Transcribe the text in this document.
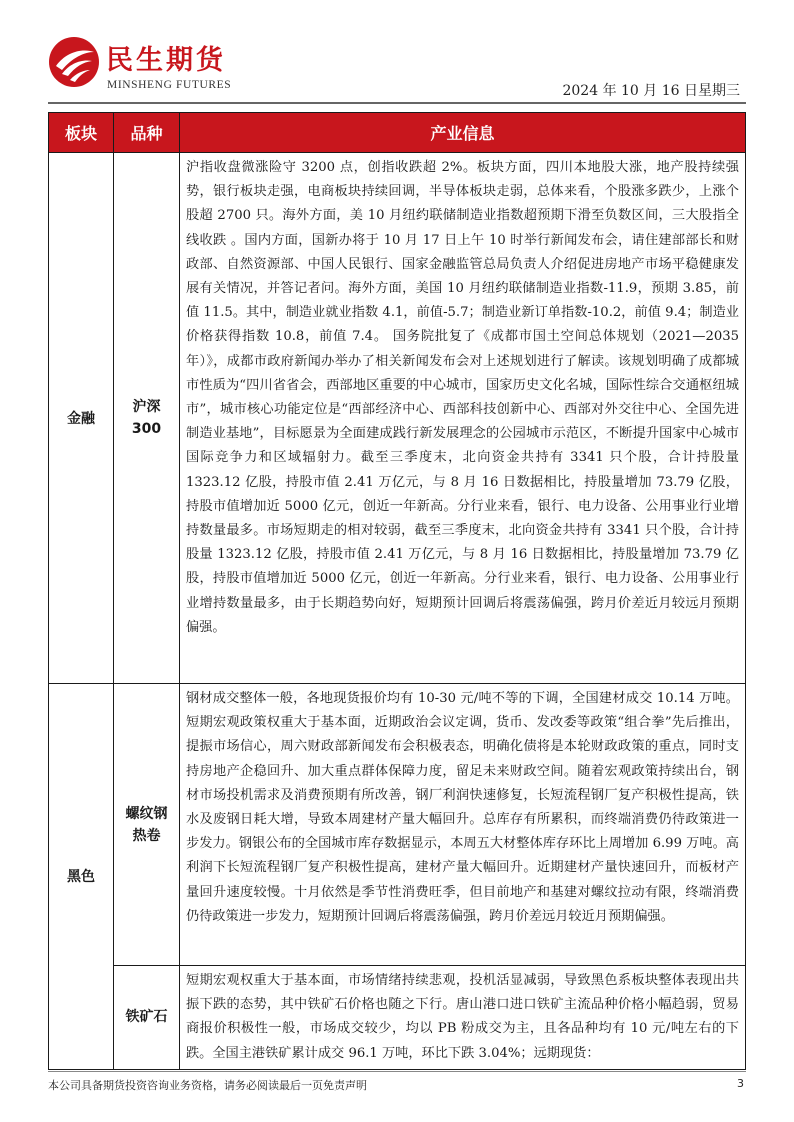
民生期货
MINSHENG FUTURES	2024 年 10 月 16 日星期三
板块	品种	产业信息
金融	沪深300	沪指收盘微涨险守 3200 点，创指收跌超 2%。板块方面，四川本地股大涨，地产股持续强势，银行板块走强，电商板块持续回调，半导体板块走弱，总体来看，个股涨多跌少，上涨个股超 2700 只。海外方面，美 10 月纽约联储制造业指数超预期下滑至负数区间，三大股指全线收跌 。国内方面，国新办将于 10 月 17 日上午 10 时举行新闻发布会，请住建部部长和财政部、自然资源部、中国人民银行、国家金融监管总局负责人介绍促进房地产市场平稳健康发展有关情况，并答记者问。海外方面，美国 10 月纽约联储制造业指数-11.9，预期 3.85，前值 11.5。其中，制造业就业指数 4.1，前值-5.7；制造业新订单指数-10.2，前值 9.4；制造业价格获得指数 10.8，前值 7.4。 国务院批复了《成都市国土空间总体规划（2021—2035 年）》，成都市政府新闻办举办了相关新闻发布会对上述规划进行了解读。该规划明确了成都城市性质为“四川省省会，西部地区重要的中心城市，国家历史文化名城，国际性综合交通枢纽城市”，城市核心功能定位是“西部经济中心、西部科技创新中心、西部对外交往中心、全国先进制造业基地”，目标愿景为全面建成践行新发展理念的公园城市示范区，不断提升国家中心城市国际竞争力和区域辐射力。截至三季度末，北向资金共持有 3341 只个股，合计持股量 1323.12 亿股，持股市值 2.41 万亿元，与 8 月 16 日数据相比，持股量增加 73.79 亿股，持股市值增加近 5000 亿元，创近一年新高。分行业来看，银行、电力设备、公用事业行业增持数量最多。市场短期走的相对较弱，截至三季度末，北向资金共持有 3341 只个股，合计持股量 1323.12 亿股，持股市值 2.41 万亿元，与 8 月 16 日数据相比，持股量增加 73.79 亿股，持股市值增加近 5000 亿元，创近一年新高。分行业来看，银行、电力设备、公用事业行业增持数量最多，由于长期趋势向好，短期预计回调后将震荡偏强，跨月价差近月较远月预期偏强。
黑色	螺纹钢热卷	钢材成交整体一般，各地现货报价均有 10-30 元/吨不等的下调，全国建材成交 10.14 万吨。短期宏观政策权重大于基本面，近期政治会议定调，货币、发改委等政策“组合拳”先后推出，提振市场信心，周六财政部新闻发布会积极表态，明确化债将是本轮财政政策的重点，同时支持房地产企稳回升、加大重点群体保障力度，留足未来财政空间。随着宏观政策持续出台，钢材市场投机需求及消费预期有所改善，钢厂利润快速修复，长短流程钢厂复产积极性提高，铁水及废钢日耗大增，导致本周建材产量大幅回升。总库存有所累积，而终端消费仍待政策进一步发力。钢银公布的全国城市库存数据显示，本周五大材整体库存环比上周增加 6.99 万吨。高利润下长短流程钢厂复产积极性提高，建材产量大幅回升。近期建材产量快速回升，而板材产量回升速度较慢。十月依然是季节性消费旺季，但目前地产和基建对螺纹拉动有限，终端消费仍待政策进一步发力，短期预计回调后将震荡偏强，跨月价差远月较近月预期偏强。
	铁矿石	短期宏观权重大于基本面，市场情绪持续悲观，投机活显减弱，导致黑色系板块整体表现出共振下跌的态势，其中铁矿石价格也随之下行。唐山港口进口铁矿主流品种价格小幅趋弱，贸易商报价积极性一般，市场成交较少，均以 PB 粉成交为主，且各品种均有 10 元/吨左右的下跌。全国主港铁矿累计成交 96.1 万吨，环比下跌 3.04%；远期现货：
本公司具备期货投资咨询业务资格，请务必阅读最后一页免责声明	3
